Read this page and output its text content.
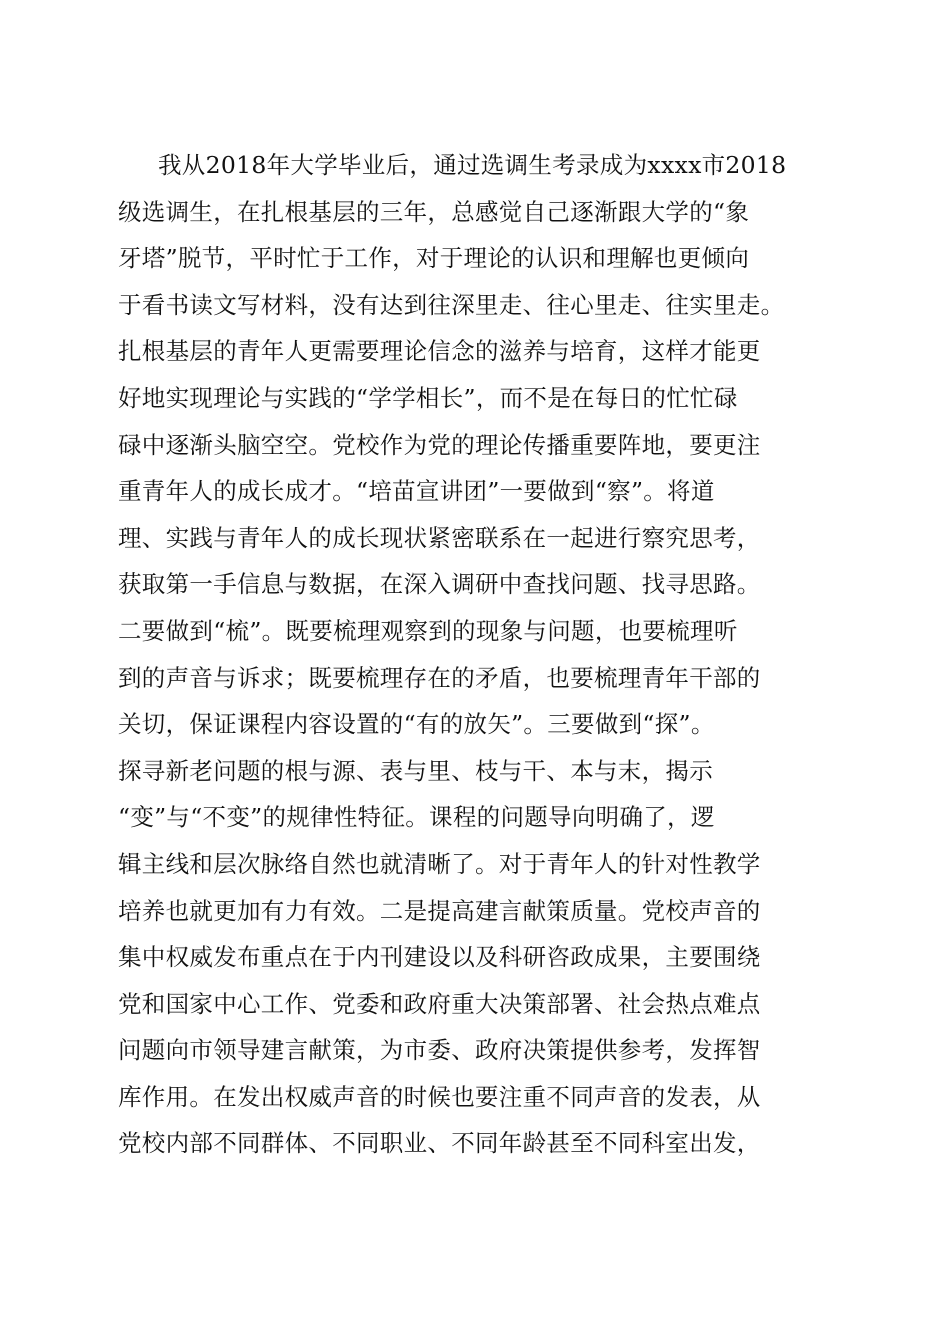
我从2018年大学毕业后，通过选调生考录成为xxxx市2018
级选调生，在扎根基层的三年，总感觉自己逐渐跟大学的“象
牙塔”脱节，平时忙于工作，对于理论的认识和理解也更倾向
于看书读文写材料，没有达到往深里走、往心里走、往实里走。
扎根基层的青年人更需要理论信念的滋养与培育，这样才能更
好地实现理论与实践的“学学相长”，而不是在每日的忙忙碌
碌中逐渐头脑空空。党校作为党的理论传播重要阵地，要更注
重青年人的成长成才。“培苗宣讲团”一要做到“察”。将道
理、实践与青年人的成长现状紧密联系在一起进行察究思考，
获取第一手信息与数据，在深入调研中查找问题、找寻思路。
二要做到“梳”。既要梳理观察到的现象与问题，也要梳理听
到的声音与诉求；既要梳理存在的矛盾，也要梳理青年干部的
关切，保证课程内容设置的“有的放矢”。三要做到“探”。
探寻新老问题的根与源、表与里、枝与干、本与末，揭示
“变”与“不变”的规律性特征。课程的问题导向明确了，逻
辑主线和层次脉络自然也就清晰了。对于青年人的针对性教学
培养也就更加有力有效。二是提高建言献策质量。党校声音的
集中权威发布重点在于内刊建设以及科研咨政成果，主要围绕
党和国家中心工作、党委和政府重大决策部署、社会热点难点
问题向市领导建言献策，为市委、政府决策提供参考，发挥智
库作用。在发出权威声音的时候也要注重不同声音的发表，从
党校内部不同群体、不同职业、不同年龄甚至不同科室出发，
